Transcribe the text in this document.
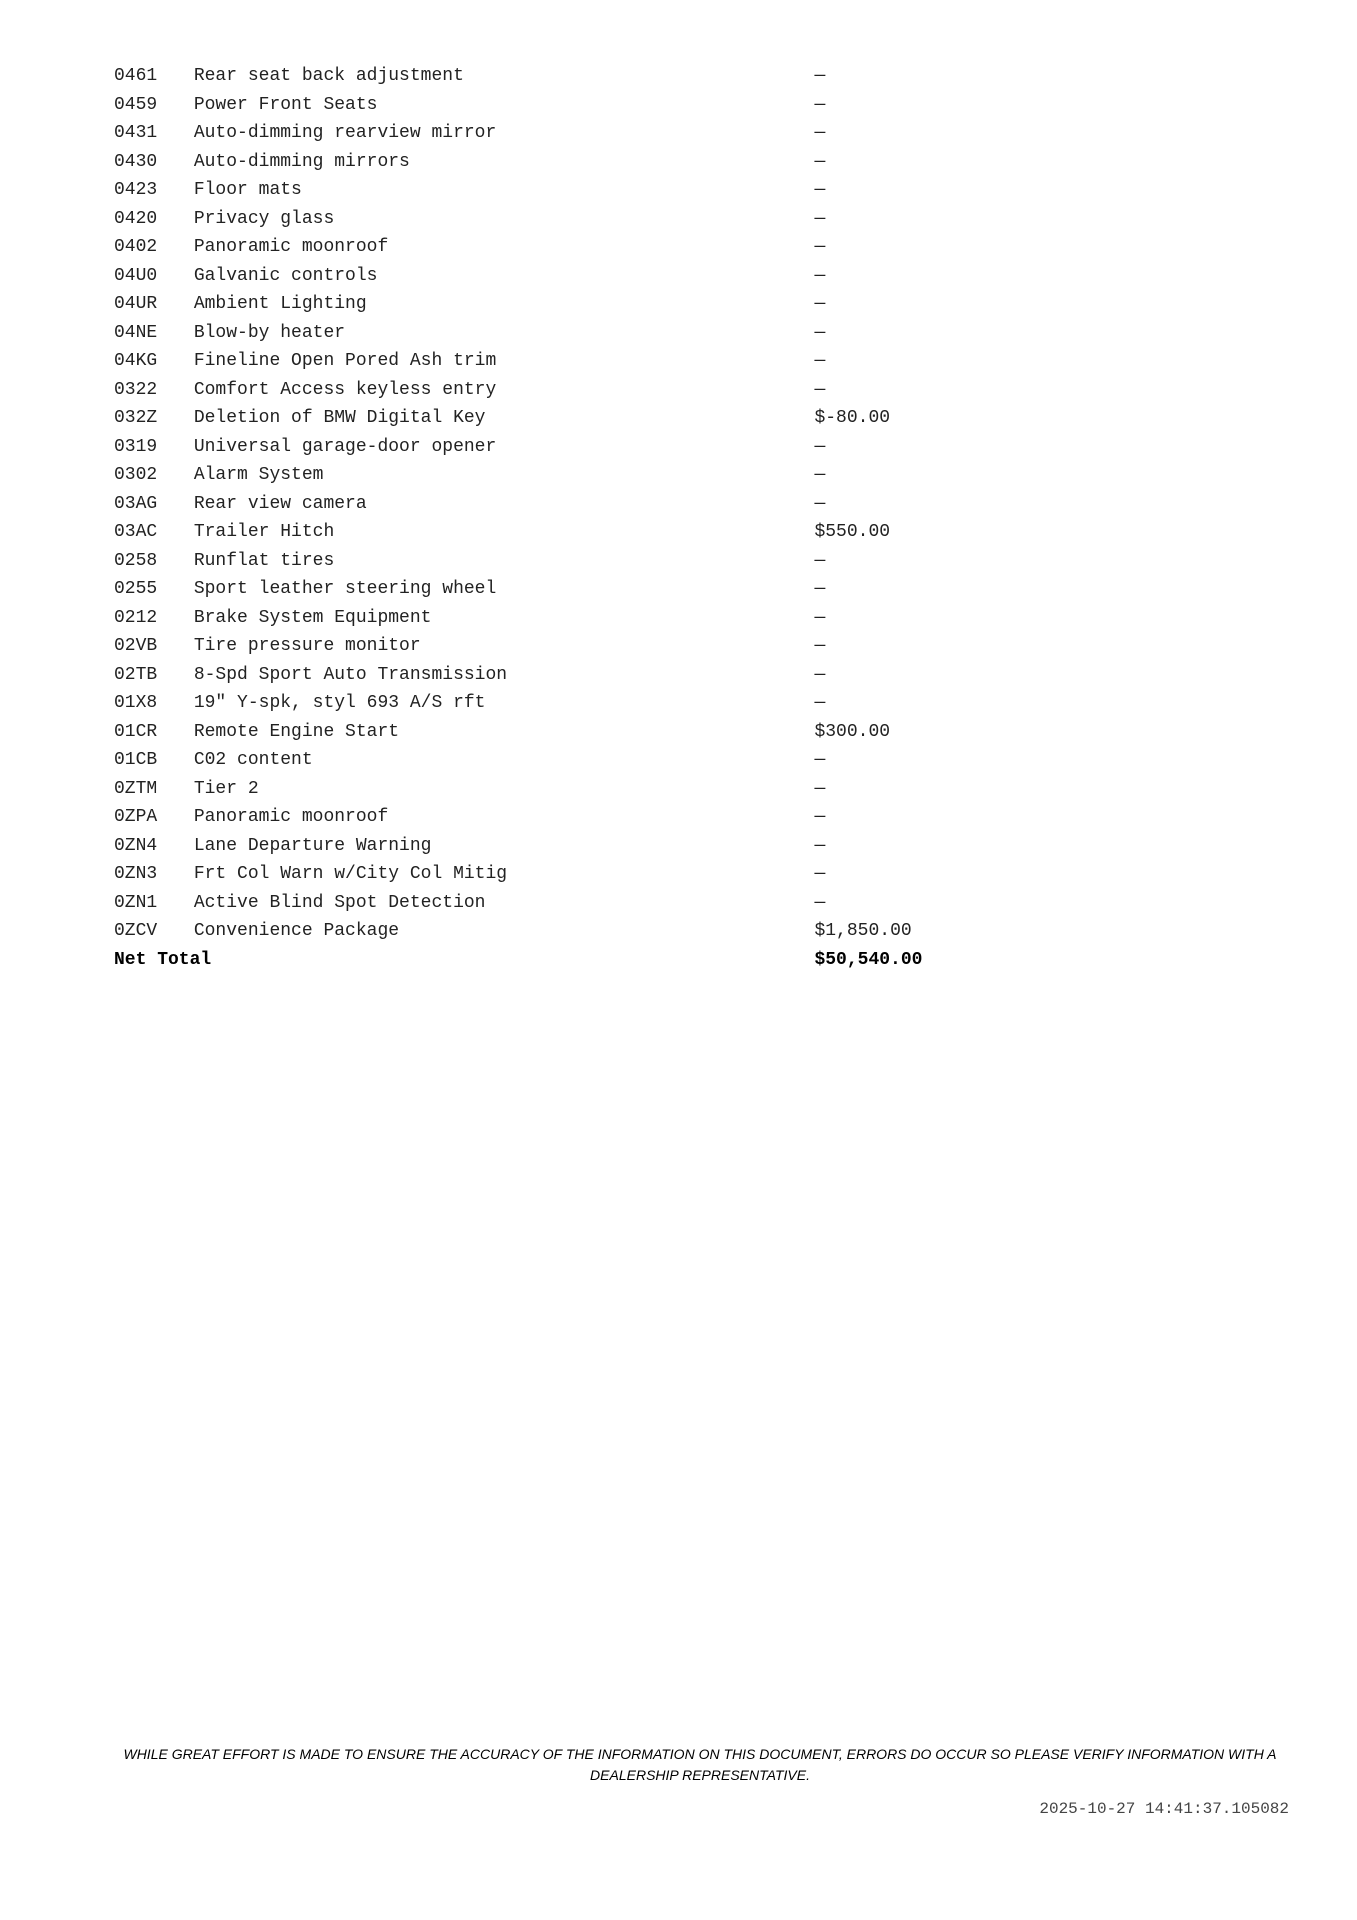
0461	Rear seat back adjustment	—
0459	Power Front Seats	—
0431	Auto-dimming rearview mirror	—
0430	Auto-dimming mirrors	—
0423	Floor mats	—
0420	Privacy glass	—
0402	Panoramic moonroof	—
04U0	Galvanic controls	—
04UR	Ambient Lighting	—
04NE	Blow-by heater	—
04KG	Fineline Open Pored Ash trim	—
0322	Comfort Access keyless entry	—
032Z	Deletion of BMW Digital Key	$-80.00
0319	Universal garage-door opener	—
0302	Alarm System	—
03AG	Rear view camera	—
03AC	Trailer Hitch	$550.00
0258	Runflat tires	—
0255	Sport leather steering wheel	—
0212	Brake System Equipment	—
02VB	Tire pressure monitor	—
02TB	8-Spd Sport Auto Transmission	—
01X8	19" Y-spk, styl 693 A/S rft	—
01CR	Remote Engine Start	$300.00
01CB	C02 content	—
0ZTM	Tier 2	—
0ZPA	Panoramic moonroof	—
0ZN4	Lane Departure Warning	—
0ZN3	Frt Col Warn w/City Col Mitig	—
0ZN1	Active Blind Spot Detection	—
0ZCV	Convenience Package	$1,850.00
Net Total	$50,540.00
WHILE GREAT EFFORT IS MADE TO ENSURE THE ACCURACY OF THE INFORMATION ON THIS DOCUMENT, ERRORS DO OCCUR SO PLEASE VERIFY INFORMATION WITH A DEALERSHIP REPRESENTATIVE.
2025-10-27 14:41:37.105082
